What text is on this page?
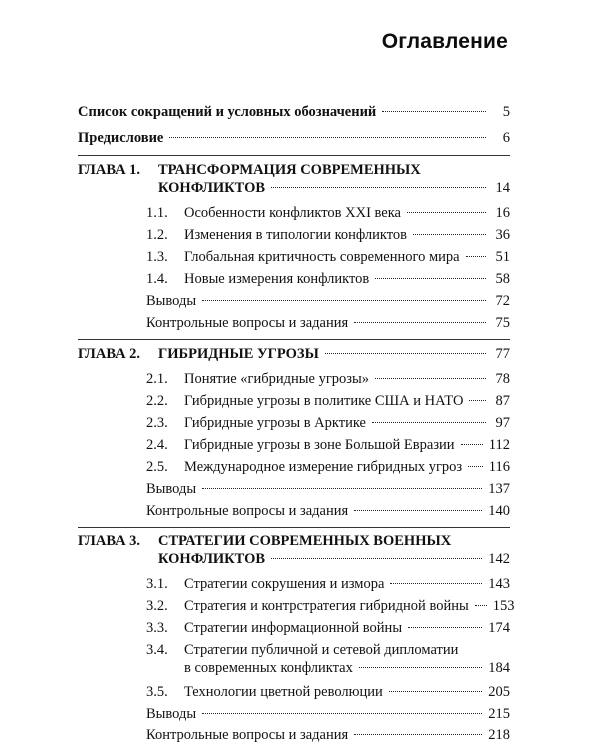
Оглавление
Список сокращений и условных обозначений	5
Предисловие	6
ГЛАВА 1. ТРАНСФОРМАЦИЯ СОВРЕМЕННЫХ
КОНФЛИКТОВ	14
1.1.	Особенности конфликтов XXI века	16
1.2.	Изменения в типологии конфликтов	36
1.3.	Глобальная критичность современного мира 51
1.4.	Новые измерения конфликтов	58
Выводы	72
Контрольные вопросы и задания	75
ГЛАВА 2.	ГИБРИДНЫЕ УГРОЗЫ	77
2.1.	Понятие «гибридные угрозы»	78
2.2.	Гибридные угрозы в политике США и НАТО 87
2.3.	Гибридные угрозы в Арктике	97
2.4.	Гибридные угрозы в зоне Большой Евразии 112
2.5.	Международное измерение гибридных угроз 116
Выводы	137
Контрольные вопросы и задания	140
ГЛАВА 3. СТРАТЕГИИ СОВРЕМЕННЫХ ВОЕННЫХ
КОНФЛИКТОВ	142
3.1.	Стратегии сокрушения и измора	143
3.2.	Стратегия и контрстратегия гибридной войны 153
3.3.	Стратегии информационной войны	174
3.4.	Стратегии публичной и сетевой дипломатии
в современных конфликтах	184
3.5.	Технологии цветной революции	205
Выводы	215
Контрольные вопросы и задания	218
